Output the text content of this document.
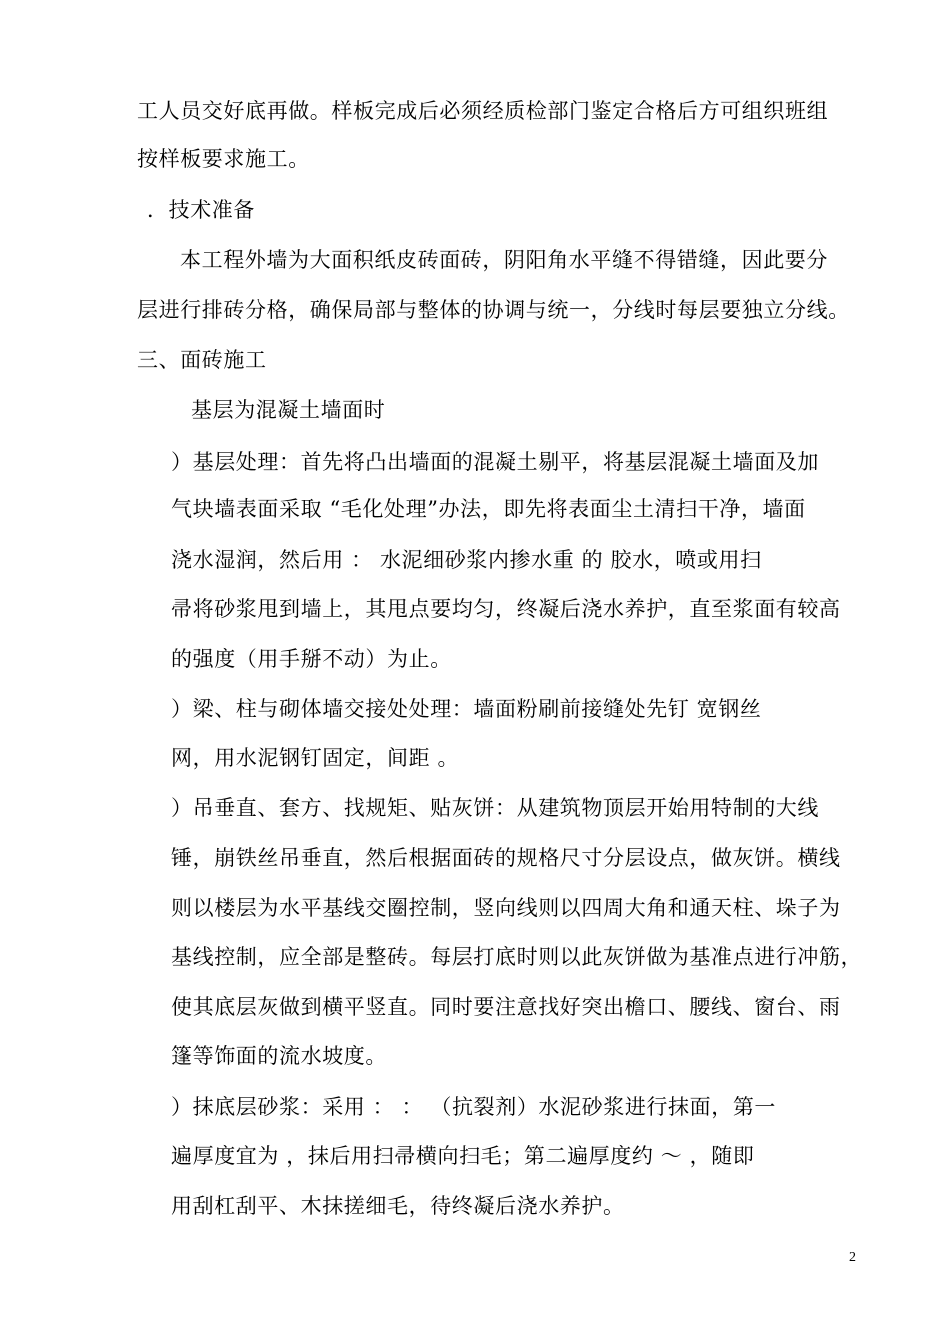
工人员交好底再做。样板完成后必须经质检部门鉴定合格后方可组织班组
按样板要求施工。
．技术准备
本工程外墙为大面积纸皮砖面砖，阴阳角水平缝不得错缝，因此要分
层进行排砖分格，确保局部与整体的协调与统一，分线时每层要独立分线。
三、面砖施工
基层为混凝土墙面时
）基层处理：首先将凸出墙面的混凝土剔平，将基层混凝土墙面及加
气块墙表面采取 “毛化处理”办法，即先将表面尘土清扫干净，墙面
浇水湿润，然后用 ： 水泥细砂浆内掺水重 的 胶水，喷或用扫
帚将砂浆甩到墙上，其甩点要均匀，终凝后浇水养护，直至浆面有较高
的强度（用手掰不动）为止。
）梁、柱与砌体墙交接处处理：墙面粉刷前接缝处先钉 宽钢丝
网，用水泥钢钉固定，间距 。
）吊垂直、套方、找规矩、贴灰饼：从建筑物顶层开始用特制的大线
锤，崩铁丝吊垂直，然后根据面砖的规格尺寸分层设点，做灰饼。横线
则以楼层为水平基线交圈控制，竖向线则以四周大角和通天柱、垛子为
基线控制，应全部是整砖。每层打底时则以此灰饼做为基准点进行冲筋，
使其底层灰做到横平竖直。同时要注意找好突出檐口、腰线、窗台、雨
篷等饰面的流水坡度。
）抹底层砂浆：采用 ： ： （抗裂剂）水泥砂浆进行抹面，第一
遍厚度宜为 ，抹后用扫帚横向扫毛；第二遍厚度约 ～ ，随即
用刮杠刮平、木抹搓细毛，待终凝后浇水养护。
2
